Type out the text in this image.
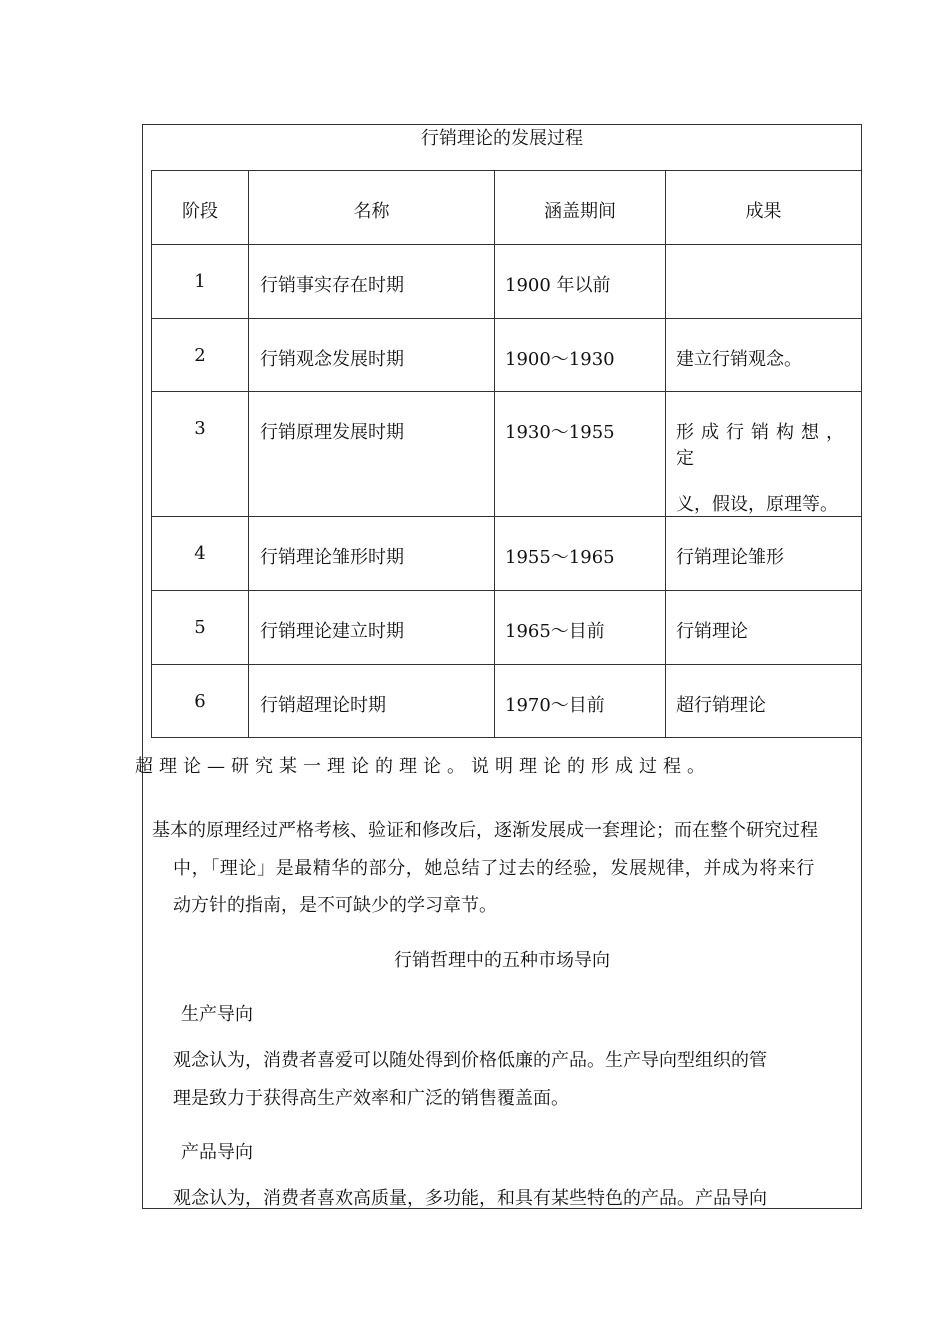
行销理论的发展过程
阶段	名称	涵盖期间	成果

1	行销事实存在时期	1900 年以前	

2	行销观念发展时期	1900～1930	建立行销观念。

3	行销原理发展时期	1930～1955	形成行销构想，定
义，假设，原理等。

4	行销理论雏形时期	1955～1965	行销理论雏形

5	行销理论建立时期	1965～目前	行销理论

6	行销超理论时期	1970～目前	超行销理论
超理论—研究某一理论的理论。说明理论的形成过程。
基本的原理经过严格考核、验证和修改后，逐渐发展成一套理论；而在整个研究过程
中，「理论」是最精华的部分，她总结了过去的经验，发展规律，并成为将来行
动方针的指南，是不可缺少的学习章节。
行销哲理中的五种市场导向
生产导向
观念认为，消费者喜爱可以随处得到价格低廉的产品。生产导向型组织的管
理是致力于获得高生产效率和广泛的销售覆盖面。
产品导向
观念认为，消费者喜欢高质量，多功能，和具有某些特色的产品。产品导向
